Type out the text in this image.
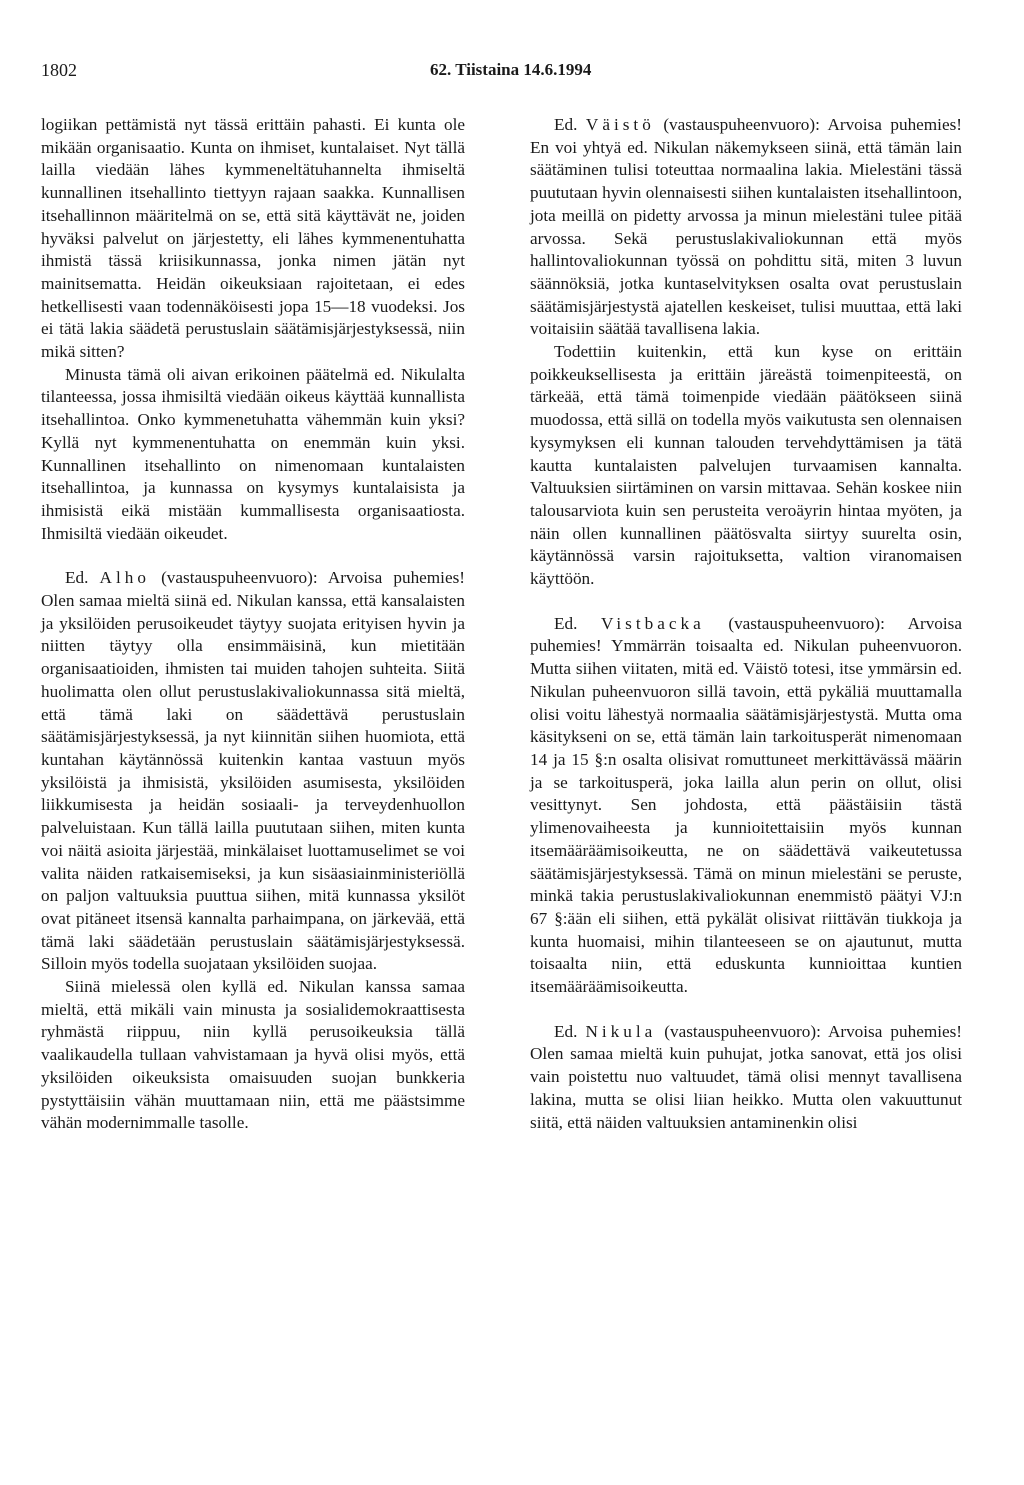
1802	62. Tiistaina 14.6.1994

logiikan pettämistä nyt tässä erittäin pahasti. Ei kunta ole mikään organisaatio. Kunta on ihmiset, kuntalaiset. Nyt tällä lailla viedään lähes kymmeneltätuhannelta ihmiseltä kunnallinen itsehallinto tiettyyn rajaan saakka. Kunnallisen itsehallinnon määritelmä on se, että sitä käyttävät ne, joiden hyväksi palvelut on järjestetty, eli lähes kymmenentuhatta ihmistä tässä kriisikunnassa, jonka nimen jätän nyt mainitsematta. Heidän oikeuksiaan rajoitetaan, ei edes hetkellisesti vaan todennäköisesti jopa 15—18 vuodeksi. Jos ei tätä lakia säädetä perustuslain säätämisjärjestyksessä, niin mikä sitten?

Minusta tämä oli aivan erikoinen päätelmä ed. Nikulalta tilanteessa, jossa ihmisiltä viedään oikeus käyttää kunnallista itsehallintoa. Onko kymmenetuhatta vähemmän kuin yksi? Kyllä nyt kymmenentuhatta on enemmän kuin yksi. Kunnallinen itsehallinto on nimenomaan kuntalaisten itsehallintoa, ja kunnassa on kysymys kuntalaisista ja ihmisistä eikä mistään kummallisesta organisaatiosta. Ihmisiltä viedään oikeudet.

Ed. Alho (vastauspuheenvuoro): Arvoisa puhemies! Olen samaa mieltä siinä ed. Nikulan kanssa, että kansalaisten ja yksilöiden perusoikeudet täytyy suojata erityisen hyvin ja niitten täytyy olla ensimmäisinä, kun mietitään organisaatioiden, ihmisten tai muiden tahojen suhteita. Siitä huolimatta olen ollut perustuslakivaliokunnassa sitä mieltä, että tämä laki on säädettävä perustuslain säätämisjärjestyksessä, ja nyt kiinnitän siihen huomiota, että kuntahan käytännössä kuitenkin kantaa vastuun myös yksilöistä ja ihmisistä, yksilöiden asumisesta, yksilöiden liikkumisesta ja heidän sosiaali- ja terveydenhuollon palveluistaan. Kun tällä lailla puututaan siihen, miten kunta voi näitä asioita järjestää, minkälaiset luottamuselimet se voi valita näiden ratkaisemiseksi, ja kun sisäasiainministeriöllä on paljon valtuuksia puuttua siihen, mitä kunnassa yksilöt ovat pitäneet itsensä kannalta parhaimpana, on järkevää, että tämä laki säädetään perustuslain säätämisjärjestyksessä. Silloin myös todella suojataan yksilöiden suojaa.

Siinä mielessä olen kyllä ed. Nikulan kanssa samaa mieltä, että mikäli vain minusta ja sosialidemokraattisesta ryhmästä riippuu, niin kyllä perusoikeuksia tällä vaalikaudella tullaan vahvistamaan ja hyvä olisi myös, että yksilöiden oikeuksista omaisuuden suojan bunkkeria pystyttäisiin vähän muuttamaan niin, että me päästsimme vähän modernimmalle tasolle.

Ed. Väistö (vastauspuheenvuoro): Arvoisa puhemies! En voi yhtyä ed. Nikulan näkemykseen siinä, että tämän lain säätäminen tulisi toteuttaa normaalina lakia. Mielestäni tässä puututaan hyvin olennaisesti siihen kuntalaisten itsehallintoon, jota meillä on pidetty arvossa ja minun mielestäni tulee pitää arvossa. Sekä perustuslakivaliokunnan että myös hallintovaliokunnan työssä on pohdittu sitä, miten 3 luvun säännöksiä, jotka kuntaselvityksen osalta ovat perustuslain säätämisjärjestystä ajatellen keskeiset, tulisi muuttaa, että laki voitaisiin säätää tavallisena lakia.

Todettiin kuitenkin, että kun kyse on erittäin poikkeuksellisesta ja erittäin järeästä toimenpiteestä, on tärkeää, että tämä toimenpide viedään päätökseen siinä muodossa, että sillä on todella myös vaikutusta sen olennaisen kysymyksen eli kunnan talouden tervehdyttämisen ja tätä kautta kuntalaisten palvelujen turvaamisen kannalta. Valtuuksien siirtäminen on varsin mittavaa. Sehän koskee niin talousarviota kuin sen perusteita veroäyrin hintaa myöten, ja näin ollen kunnallinen päätösvalta siirtyy suurelta osin, käytännössä varsin rajoituksetta, valtion viranomaisen käyttöön.

Ed. Vistbacka (vastauspuheenvuoro): Arvoisa puhemies! Ymmärrän toisaalta ed. Nikulan puheenvuoron. Mutta siihen viitaten, mitä ed. Väistö totesi, itse ymmärsin ed. Nikulan puheenvuoron sillä tavoin, että pykäliä muuttamalla olisi voitu lähestyä normaalia säätämisjärjestystä. Mutta oma käsitykseni on se, että tämän lain tarkoitusperät nimenomaan 14 ja 15 §:n osalta olisivat romuttuneet merkittävässä määrin ja se tarkoitusperä, joka lailla alun perin on ollut, olisi vesittynyt. Sen johdosta, että päästäisiin tästä ylimenovaiheesta ja kunnioitettaisiin myös kunnan itsemääräämisoikeutta, ne on säädettävä vaikeutetussa säätämisjärjestyksessä. Tämä on minun mielestäni se peruste, minkä takia perustuslakivaliokunnan enemmistö päätyi VJ:n 67 §:ään eli siihen, että pykälät olisivat riittävän tiukkoja ja kunta huomaisi, mihin tilanteeseen se on ajautunut, mutta toisaalta niin, että eduskunta kunnioittaa kuntien itsemääräämisoikeutta.

Ed. Nikula (vastauspuheenvuoro): Arvoisa puhemies! Olen samaa mieltä kuin puhujat, jotka sanovat, että jos olisi vain poistettu nuo valtuudet, tämä olisi mennyt tavallisena lakina, mutta se olisi liian heikko. Mutta olen vakuuttunut siitä, että näiden valtuuksien antaminenkin olisi
